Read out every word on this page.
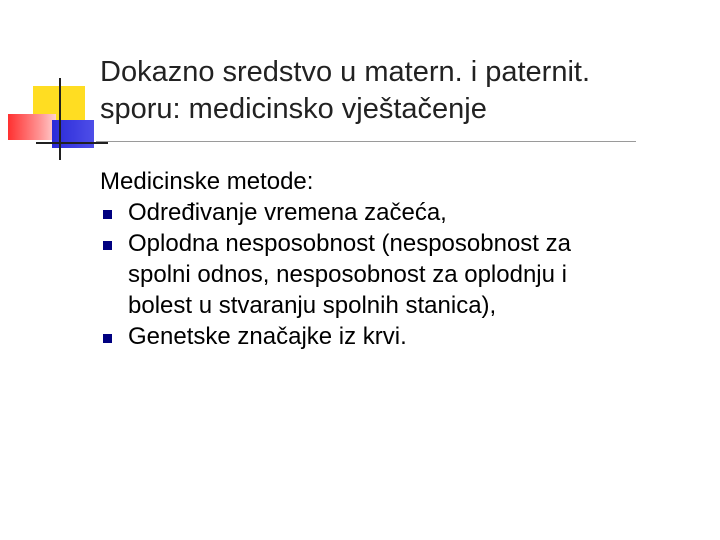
Dokazno sredstvo u matern. i paternit.
sporu: medicinsko vještačenje
Medicinske metode:
Određivanje vremena začeća,
Oplodna nesposobnost (nesposobnost za
spolni odnos, nesposobnost za oplodnju i
bolest u stvaranju spolnih stanica),
Genetske značajke iz krvi.
